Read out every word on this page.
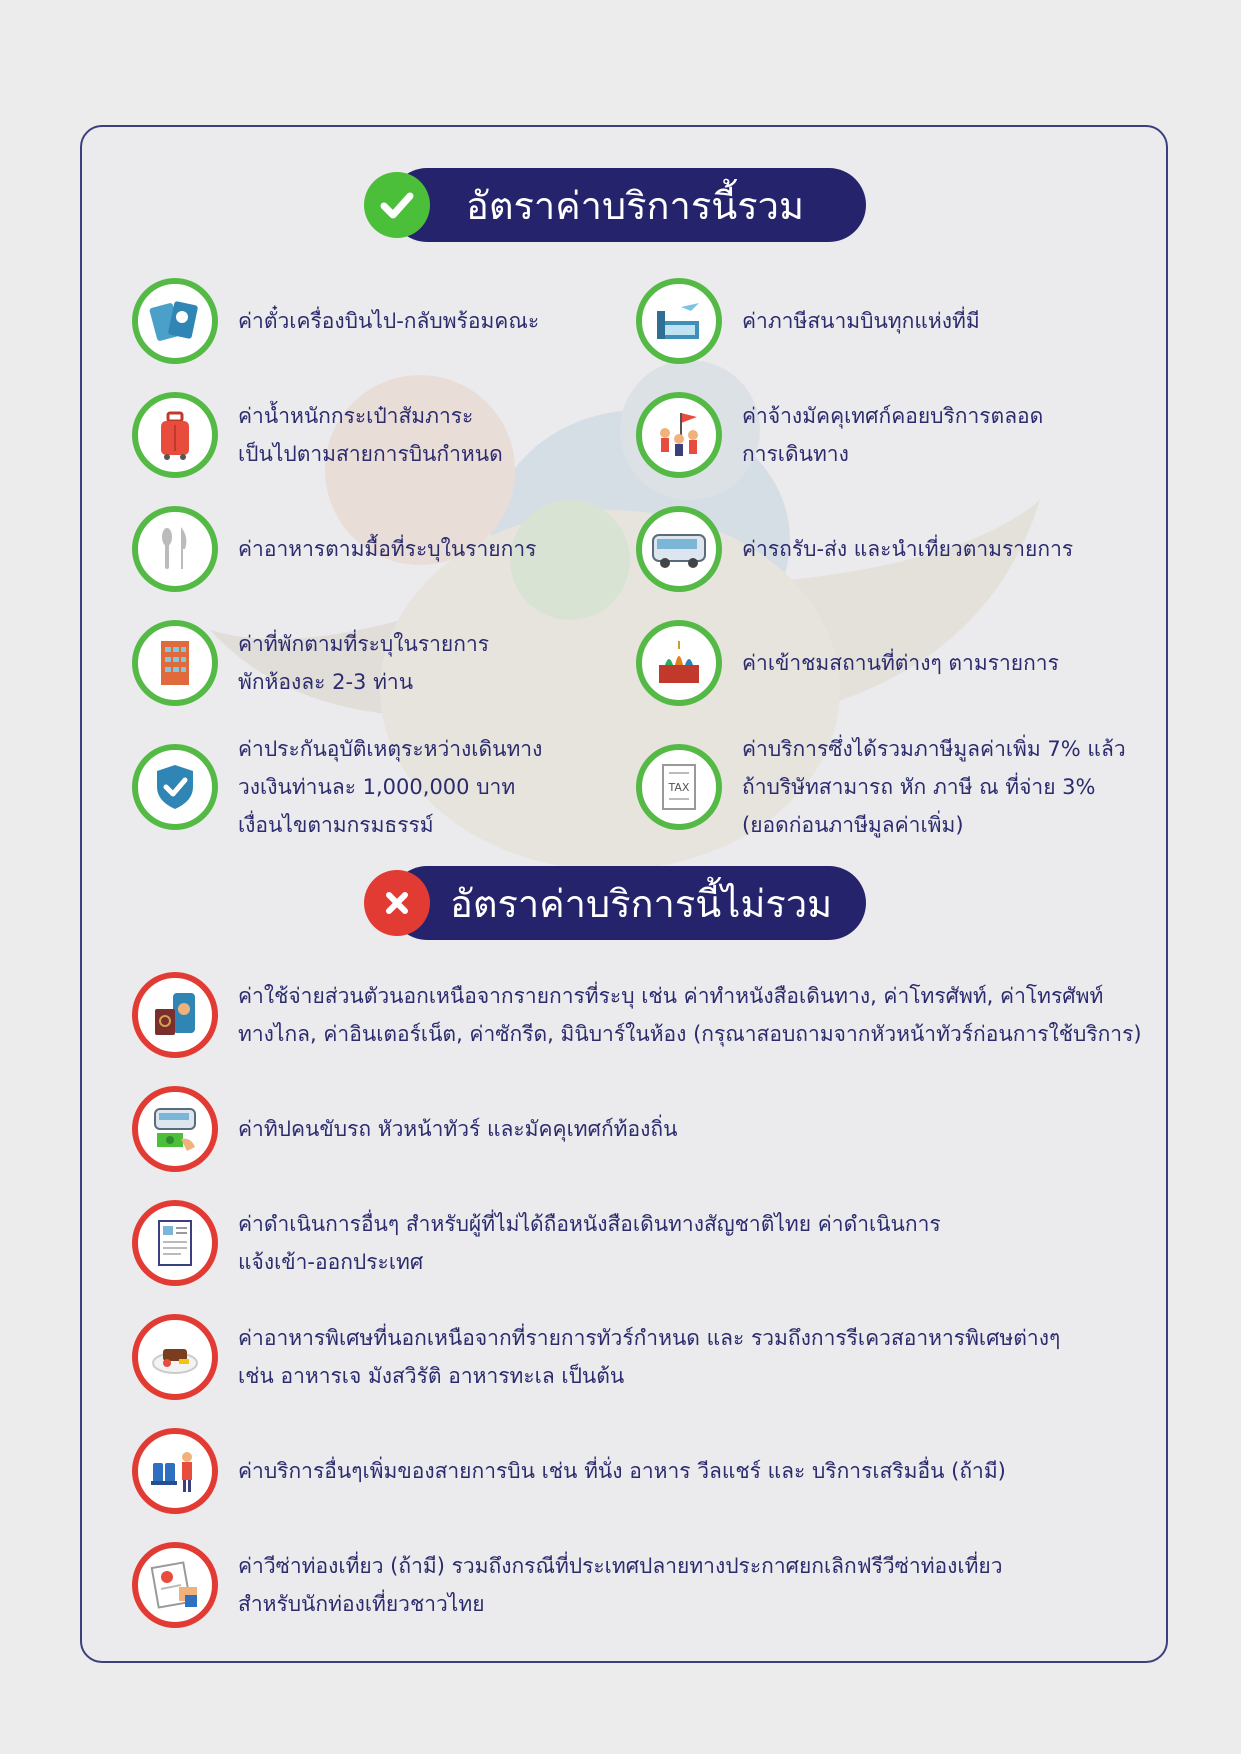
อัตราค่าบริการนี้รวม
ค่าตั๋วเครื่องบินไป-กลับพร้อมคณะ	ค่าภาษีสนามบินทุกแห่งที่มี
ค่าน้ำหนักกระเป๋าสัมภาระ
เป็นไปตามสายการบินกำหนด
ค่าจ้างมัคคุเทศก์คอยบริการตลอด
การเดินทาง
ค่าอาหารตามมื้อที่ระบุในรายการ	ค่ารถรับ-ส่ง และนำเที่ยวตามรายการ
ค่าที่พักตามที่ระบุในรายการ
พักห้องละ 2-3 ท่าน
ค่าเข้าชมสถานที่ต่างๆ ตามรายการ
ค่าประกันอุบัติเหตุระหว่างเดินทาง
วงเงินท่านละ 1,000,000 บาท
เงื่อนไขตามกรมธรรม์
TAX
ค่าบริการซึ่งได้รวมภาษีมูลค่าเพิ่ม 7% แล้ว
ถ้าบริษัทสามารถ หัก ภาษี ณ ที่จ่าย 3%
(ยอดก่อนภาษีมูลค่าเพิ่ม)
อัตราค่าบริการนี้ไม่รวม
ค่าใช้จ่ายส่วนตัวนอกเหนือจากรายการที่ระบุ เช่น ค่าทำหนังสือเดินทาง, ค่าโทรศัพท์, ค่าโทรศัพท์
ทางไกล, ค่าอินเตอร์เน็ต, ค่าซักรีด, มินิบาร์ในห้อง (กรุณาสอบถามจากหัวหน้าทัวร์ก่อนการใช้บริการ)
ค่าทิปคนขับรถ หัวหน้าทัวร์ และมัคคุเทศก์ท้องถิ่น
ค่าดำเนินการอื่นๆ สำหรับผู้ที่ไม่ได้ถือหนังสือเดินทางสัญชาติไทย ค่าดำเนินการ
แจ้งเข้า-ออกประเทศ
ค่าอาหารพิเศษที่นอกเหนือจากที่รายการทัวร์กำหนด และ รวมถึงการรีเควสอาหารพิเศษต่างๆ
เช่น อาหารเจ มังสวิรัติ อาหารทะเล เป็นต้น
ค่าบริการอื่นๆเพิ่มของสายการบิน เช่น ที่นั่ง อาหาร วีลแชร์ และ บริการเสริมอื่น (ถ้ามี)
ค่าวีซ่าท่องเที่ยว (ถ้ามี) รวมถึงกรณีที่ประเทศปลายทางประกาศยกเลิกฟรีวีซ่าท่องเที่ยว
สำหรับนักท่องเที่ยวชาวไทย
